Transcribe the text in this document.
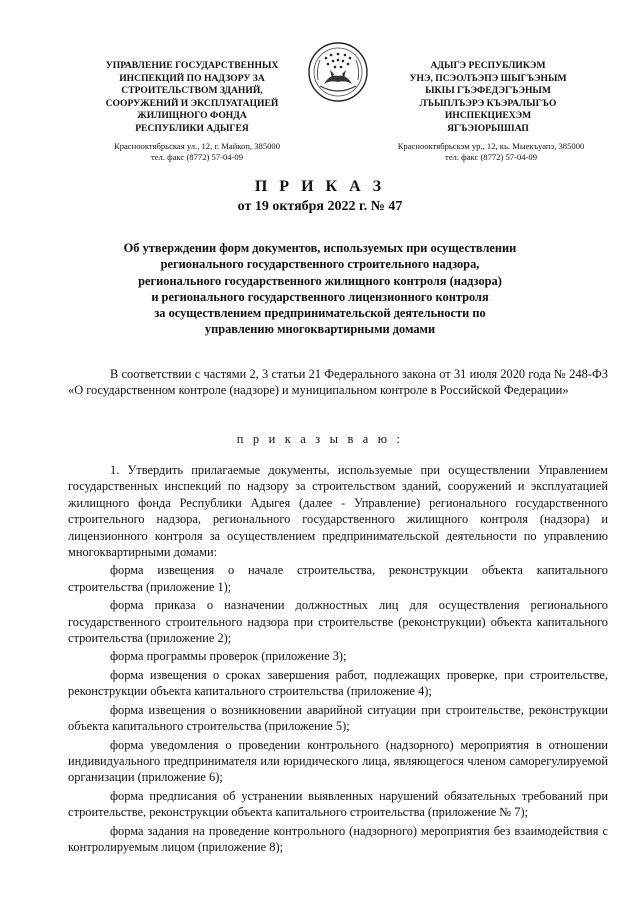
УПРАВЛЕНИЕ ГОСУДАРСТВЕННЫХ
ИНСПЕКЦИЙ ПО НАДЗОРУ ЗА
СТРОИТЕЛЬСТВОМ ЗДАНИЙ,
СООРУЖЕНИЙ И ЭКСПЛУАТАЦИЕЙ
ЖИЛИЩНОГО ФОНДА
РЕСПУБЛИКИ АДЫГЕЯ
АДЫГЭ РЕСПУБЛИКЭМ
УНЭ, ПСЭОЛЪЭПЭ ШЫГЪЭНЫМ
ЫКІЫ ГЪЭФЕДЭГЪЭНЫМ
ЛЪЫПЛЪЭРЭ КЪЭРАЛЫГЪО
ИНСПЕКЦИЕХЭМ
ЯГЪЭІОРЫШІАП
Краснооктябрьская ул., 12, г. Майкоп, 385000
тел. факс (8772) 57-04-09
Краснооктябрьскэм ур., 12, кь. Мыекъуапэ, 385000
тел. факс (8772) 57-04-09
П Р И К А З
от 19 октября 2022 г. № 47
Об утверждении форм документов, используемых при осуществлении
регионального государственного строительного надзора,
регионального государственного жилищного контроля (надзора)
и регионального государственного лицензионного контроля
за осуществлением предпринимательской деятельности по
управлению многоквартирными домами
В соответствии с частями 2, 3 статьи 21 Федерального закона от 31 июля 2020 года № 248-ФЗ «О государственном контроле (надзоре) и муниципальном контроле в Российской Федерации»
п р и к а з ы в а ю :

1. Утвердить прилагаемые документы, используемые при осуществлении Управлением государственных инспекций по надзору за строительством зданий, сооружений и эксплуатацией жилищного фонда Республики Адыгея (далее - Управление) регионального государственного строительного надзора, регионального государственного жилищного контроля (надзора) и лицензионного контроля за осуществлением предпринимательской деятельности по управлению многоквартирными домами:

форма извещения о начале строительства, реконструкции объекта капитального строительства (приложение 1);

форма приказа о назначении должностных лиц для осуществления регионального государственного строительного надзора при строительстве (реконструкции) объекта капитального строительства (приложение 2);

форма программы проверок (приложение 3);

форма извещения о сроках завершения работ, подлежащих проверке, при строительстве, реконструкции объекта капитального строительства (приложение 4);

форма извещения о возникновении аварийной ситуации при строительстве, реконструкции объекта капитального строительства (приложение 5);

форма уведомления о проведении контрольного (надзорного) мероприятия в отношении индивидуального предпринимателя или юридического лица, являющегося членом саморегулируемой организации (приложение 6);

форма предписания об устранении выявленных нарушений обязательных требований при строительстве, реконструкции объекта капитального строительства (приложение № 7);

форма задания на проведение контрольного (надзорного) мероприятия без взаимодействия с контролируемым лицом (приложение 8);
